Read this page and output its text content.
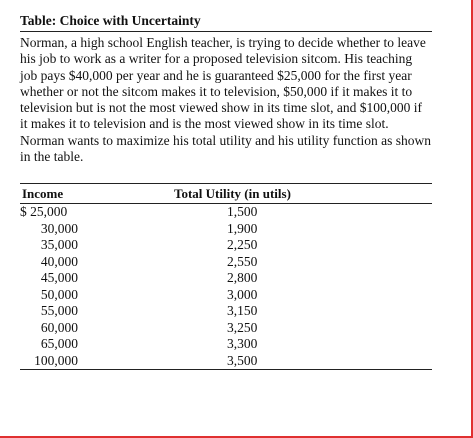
Table: Choice with Uncertainty

Norman, a high school English teacher, is trying to decide whether to leave his job to work as a writer for a proposed television sitcom. His teaching job pays $40,000 per year and he is guaranteed $25,000 for the first year whether or not the sitcom makes it to television, $50,000 if it makes it to television but is not the most viewed show in its time slot, and $100,000 if it makes it to television and is the most viewed show in its time slot. Norman wants to maximize his total utility and his utility function as shown in the table.

Income	Total Utility (in utils)
$ 25,000	1,500
30,000	1,900
35,000	2,250
40,000	2,550
45,000	2,800
50,000	3,000
55,000	3,150
60,000	3,250
65,000	3,300
100,000	3,500
